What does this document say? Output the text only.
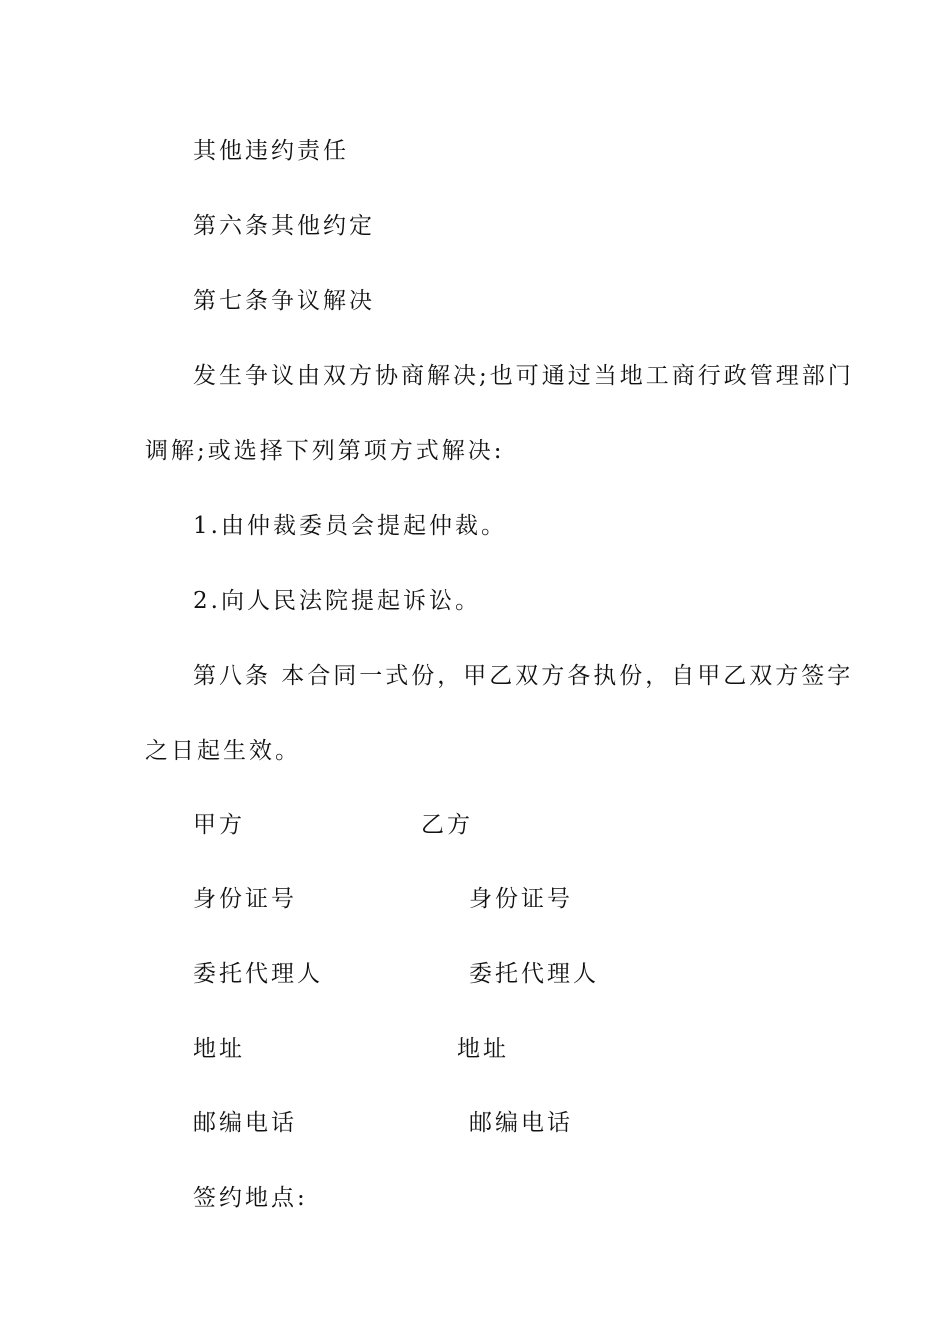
其他违约责任
第六条其他约定
第七条争议解决
发生争议由双方协商解决;也可通过当地工商行政管理部门
调解;或选择下列第项方式解决:
1.由仲裁委员会提起仲裁。
2.向人民法院提起诉讼。
第八条 本合同一式份，甲乙双方各执份，自甲乙双方签字
之日起生效。
甲方	乙方
身份证号	身份证号
委托代理人	委托代理人
地址	地址
邮编电话	邮编电话
签约地点:
